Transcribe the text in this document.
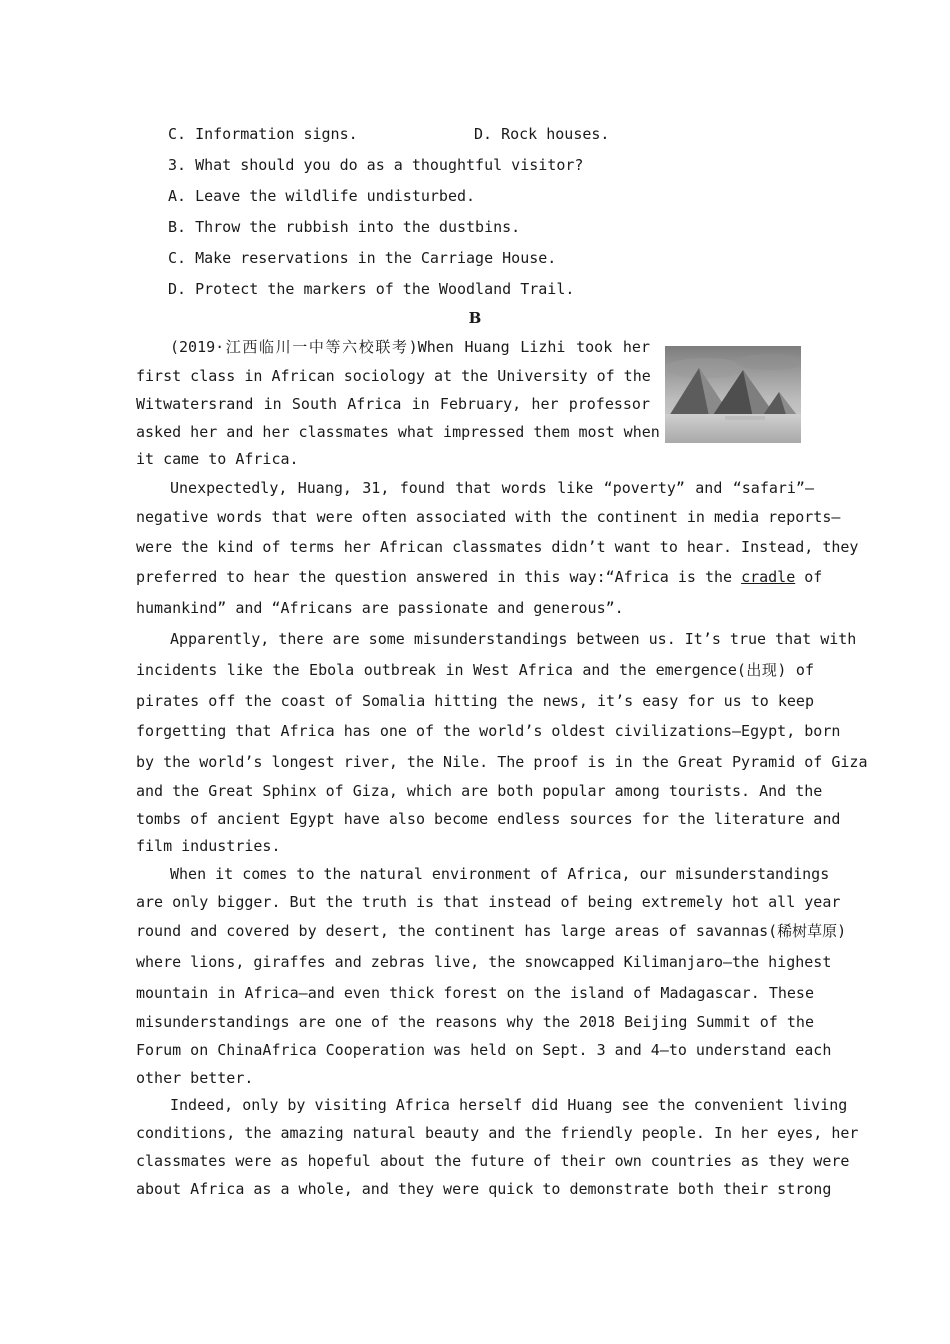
C. Information signs.	D. Rock houses.
3. What should you do as a thoughtful visitor?
A. Leave the wildlife undisturbed.
B. Throw the rubbish into the dustbins.
C. Make reservations in the Carriage House.
D. Protect the markers of the Woodland Trail.
B
(2019·江西临川一中等六校联考)When Huang Lizhi took her
first class in African sociology at the University of the
Witwatersrand in South Africa in February, her professor
asked her and her classmates what impressed them most when
it came to Africa.
Unexpectedly, Huang, 31, found that words like “poverty” and “safari”—
negative words that were often associated with the continent in media reports—
were the kind of terms her African classmates didn’t want to hear. Instead, they
preferred to hear the question answered in this way:“Africa is the cradle of
humankind” and “Africans are passionate and generous”.
Apparently, there are some misunderstandings between us. It’s true that with
incidents like the Ebola outbreak in West Africa and the emergence(出现) of
pirates off the coast of Somalia hitting the news, it’s easy for us to keep
forgetting that Africa has one of the world’s oldest civilizations—Egypt, born
by the world’s longest river, the Nile. The proof is in the Great Pyramid of Giza
and the Great Sphinx of Giza, which are both popular among tourists. And the
tombs of ancient Egypt have also become endless sources for the literature and
film industries.
When it comes to the natural environment of Africa, our misunderstandings
are only bigger. But the truth is that instead of being extremely hot all year
round and covered by desert, the continent has large areas of savannas(稀树草原)
where lions, giraffes and zebras live, the snowcapped Kilimanjaro—the highest
mountain in Africa—and even thick forest on the island of Madagascar. These
misunderstandings are one of the reasons why the 2018 Beijing Summit of the
Forum on ChinaAfrica Cooperation was held on Sept. 3 and 4—to understand each
other better.
Indeed, only by visiting Africa herself did Huang see the convenient living
conditions, the amazing natural beauty and the friendly people. In her eyes, her
classmates were as hopeful about the future of their own countries as they were
about Africa as a whole, and they were quick to demonstrate both their strong
